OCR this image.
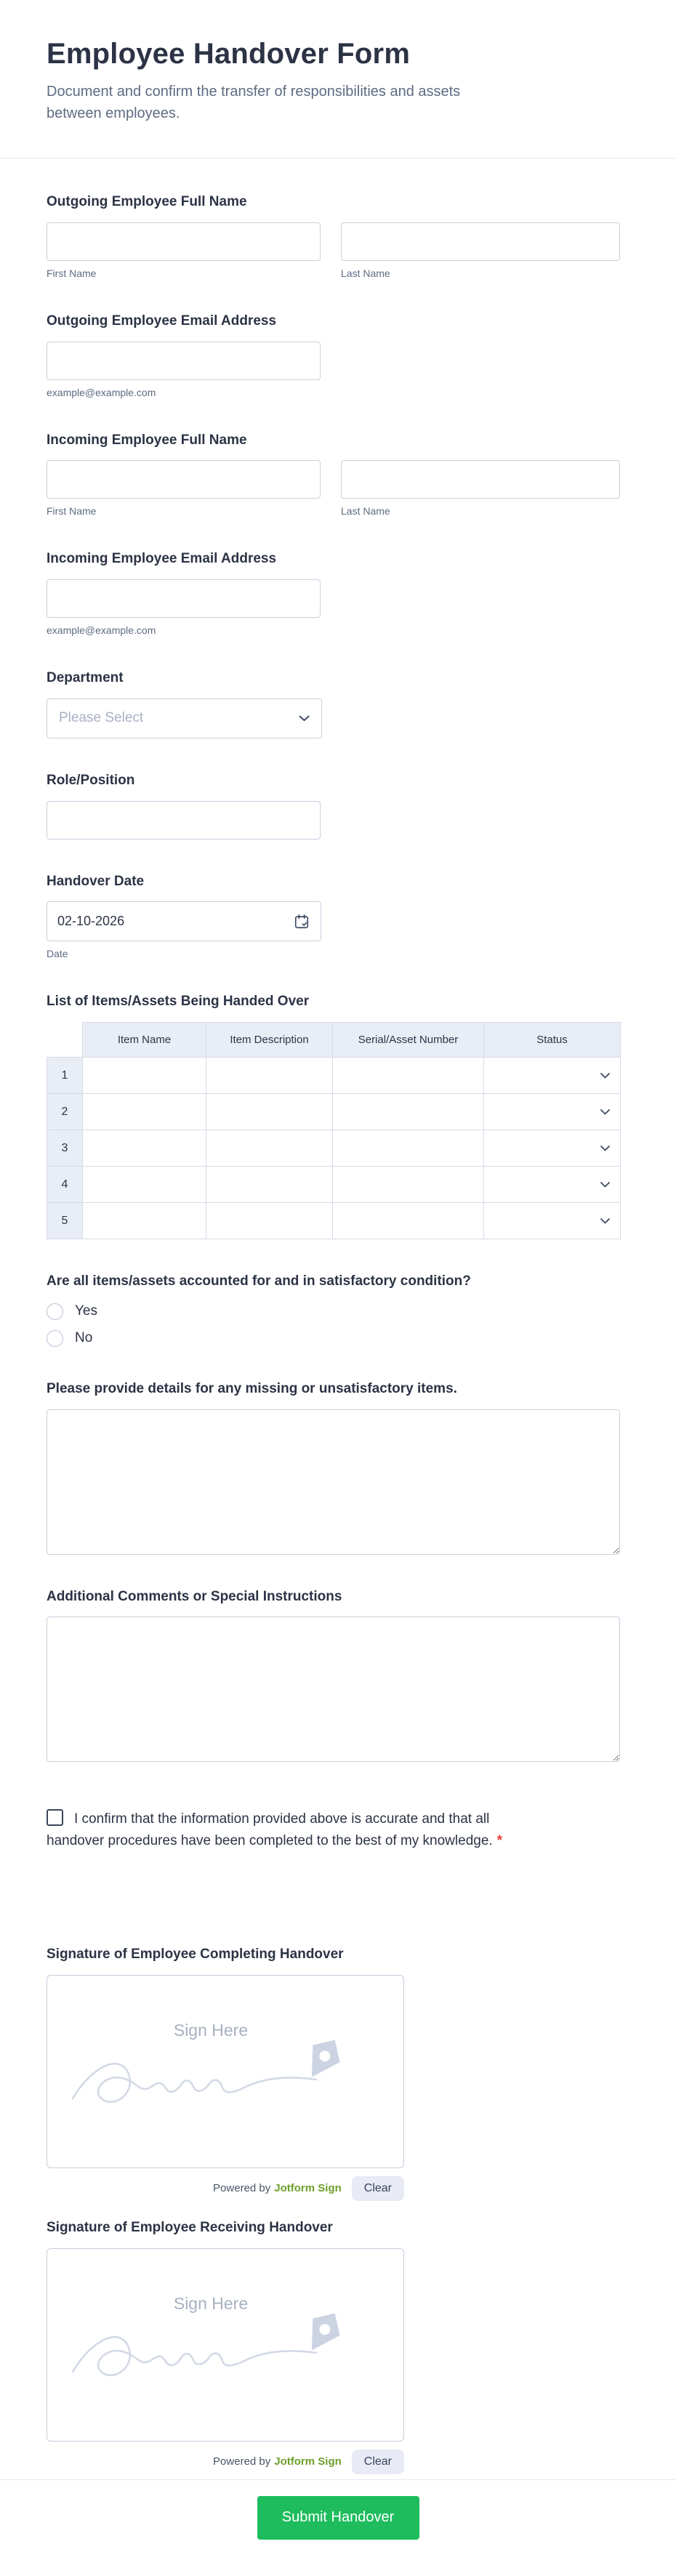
Employee Handover Form

Document and confirm the transfer of responsibilities and assets between employees.

Outgoing Employee Full Name
First Name	Last Name
Outgoing Employee Email Address
example@example.com
Incoming Employee Full Name
First Name	Last Name
Incoming Employee Email Address
example@example.com
Department
Please Select
Role/Position
Handover Date
02-10-2026
Date
List of Items/Assets Being Handed Over
	Item Name	Item Description	Serial/Asset Number	Status
1				

2				

3				

4				

5				
Are all items/assets accounted for and in satisfactory condition?
Yes
No
Please provide details for any missing or unsatisfactory items.
Additional Comments or Special Instructions

I confirm that the information provided above is accurate and that all handover procedures have been completed to the best of my knowledge. *

Signature of Employee Completing Handover
Sign Here
Powered by Jotform Sign	Clear
Signature of Employee Receiving Handover
Sign Here
Powered by Jotform Sign	Clear
Submit Handover
